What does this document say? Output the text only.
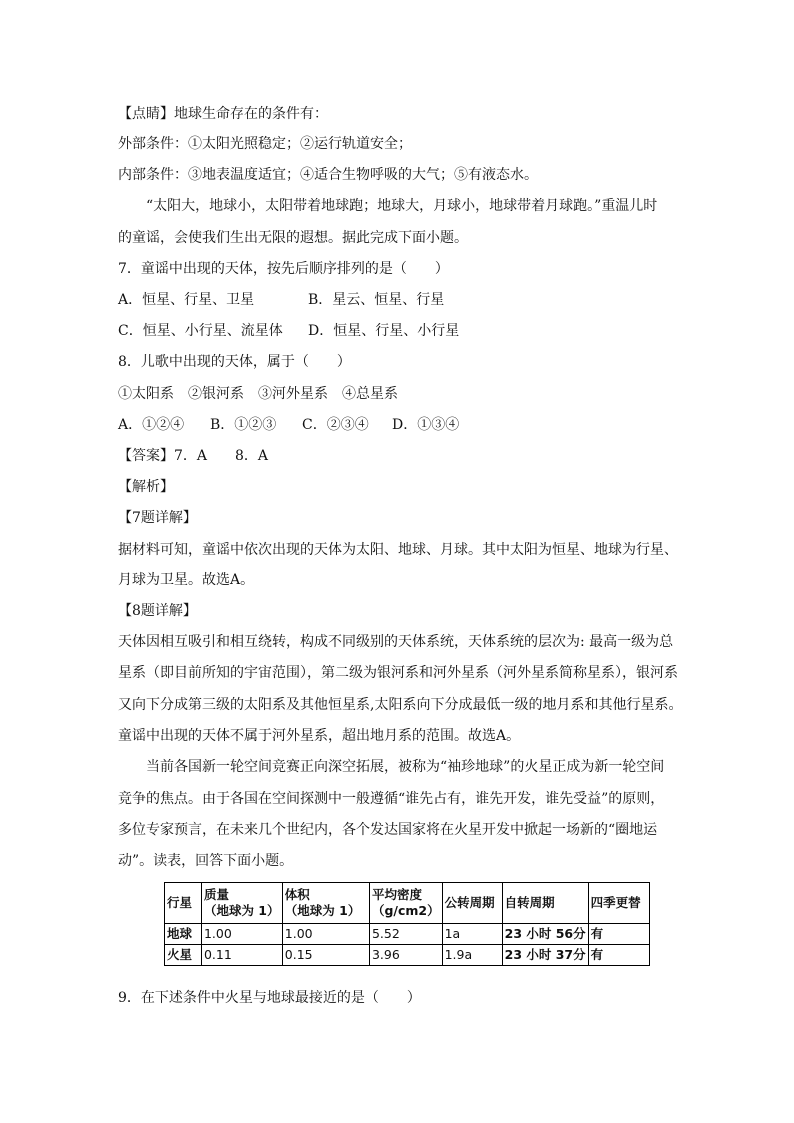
【点睛】地球生命存在的条件有：
外部条件：①太阳光照稳定；②运行轨道安全；
内部条件：③地表温度适宜；④适合生物呼吸的大气；⑤有液态水。
“太阳大，地球小，太阳带着地球跑；地球大，月球小，地球带着月球跑。”重温儿时
的童谣，会使我们生出无限的遐想。据此完成下面小题。
7．童谣中出现的天体，按先后顺序排列的是（　　）
A．恒星、行星、卫星	B．星云、恒星、行星
C．恒星、小行星、流星体 D．恒星、行星、小行星
8．儿歌中出现的天体，属于（　　）
①太阳系　②银河系　③河外星系　④总星系
A．①②④ B．①②③ C．②③④ D．①③④
【答案】7．A　　8．A
【解析】
【7题详解】
据材料可知，童谣中依次出现的天体为太阳、地球、月球。其中太阳为恒星、地球为行星、
月球为卫星。故选A。
【8题详解】
天体因相互吸引和相互绕转，构成不同级别的天体系统，天体系统的层次为: 最高一级为总
星系（即目前所知的宇宙范围），第二级为银河系和河外星系（河外星系简称星系），银河系
又向下分成第三级的太阳系及其他恒星系,太阳系向下分成最低一级的地月系和其他行星系。
童谣中出现的天体不属于河外星系，超出地月系的范围。故选A。
当前各国新一轮空间竞赛正向深空拓展，被称为“袖珍地球”的火星正成为新一轮空间
竞争的焦点。由于各国在空间探测中一般遵循“谁先占有，谁先开发，谁先受益”的原则，
多位专家预言，在未来几个世纪内，各个发达国家将在火星开发中掀起一场新的“圈地运
动”。读表，回答下面小题。
行星	质量
（地球为 1）	体积
（地球为 1）	平均密度
（g/cm2）	公转周期	自转周期	四季更替
地球	1.00	1.00	5.52	1a	23 小时 56分	有
火星	0.11	0.15	3.96	1.9a	23 小时 37分	有
9．在下述条件中火星与地球最接近的是（　　）
